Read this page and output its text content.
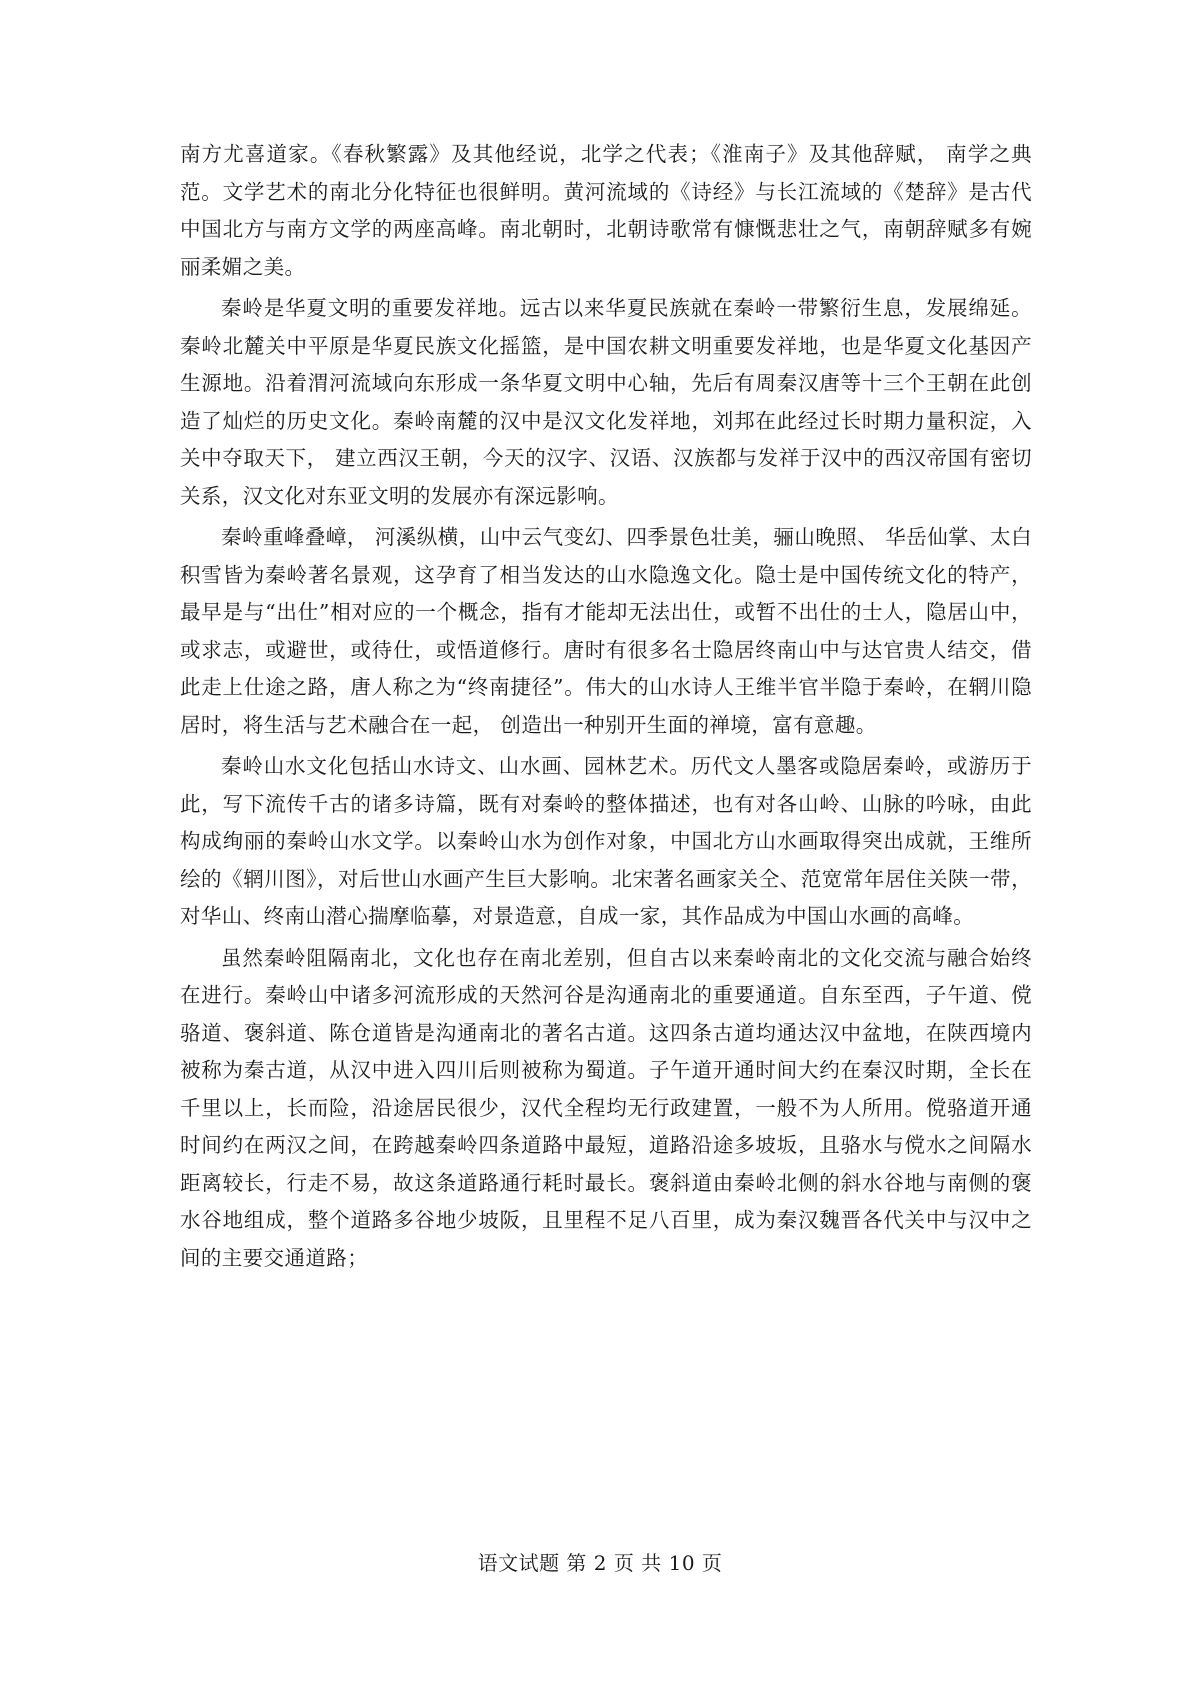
南方尤喜道家。《春秋繁露》及其他经说，北学之代表；《淮南子》及其他辞赋， 南学之典范。文学艺术的南北分化特征也很鲜明。黄河流域的《诗经》与长江流域的《楚辞》是古代中国北方与南方文学的两座高峰。南北朝时，北朝诗歌常有慷慨悲壮之气，南朝辞赋多有婉丽柔媚之美。

秦岭是华夏文明的重要发祥地。远古以来华夏民族就在秦岭一带繁衍生息，发展绵延。秦岭北麓关中平原是华夏民族文化摇篮，是中国农耕文明重要发祥地，也是华夏文化基因产生源地。沿着渭河流域向东形成一条华夏文明中心轴，先后有周秦汉唐等十三个王朝在此创造了灿烂的历史文化。秦岭南麓的汉中是汉文化发祥地，刘邦在此经过长时期力量积淀，入关中夺取天下， 建立西汉王朝，今天的汉字、汉语、汉族都与发祥于汉中的西汉帝国有密切关系，汉文化对东亚文明的发展亦有深远影响。

秦岭重峰叠嶂， 河溪纵横，山中云气变幻、四季景色壮美，骊山晚照、 华岳仙掌、太白积雪皆为秦岭著名景观，这孕育了相当发达的山水隐逸文化。隐士是中国传统文化的特产，最早是与“出仕”相对应的一个概念，指有才能却无法出仕，或暂不出仕的士人，隐居山中，或求志，或避世，或待仕，或悟道修行。唐时有很多名士隐居终南山中与达官贵人结交，借此走上仕途之路，唐人称之为“终南捷径”。伟大的山水诗人王维半官半隐于秦岭，在辋川隐居时，将生活与艺术融合在一起， 创造出一种别开生面的禅境，富有意趣。

秦岭山水文化包括山水诗文、山水画、园林艺术。历代文人墨客或隐居秦岭，或游历于此，写下流传千古的诸多诗篇，既有对秦岭的整体描述，也有对各山岭、山脉的吟咏，由此构成绚丽的秦岭山水文学。以秦岭山水为创作对象，中国北方山水画取得突出成就，王维所绘的《辋川图》，对后世山水画产生巨大影响。北宋著名画家关仝、范宽常年居住关陕一带，对华山、终南山潜心揣摩临摹，对景造意，自成一家，其作品成为中国山水画的高峰。

虽然秦岭阻隔南北，文化也存在南北差别，但自古以来秦岭南北的文化交流与融合始终在进行。秦岭山中诸多河流形成的天然河谷是沟通南北的重要通道。自东至西，子午道、傥骆道、褒斜道、陈仓道皆是沟通南北的著名古道。这四条古道均通达汉中盆地，在陕西境内被称为秦古道，从汉中进入四川后则被称为蜀道。子午道开通时间大约在秦汉时期，全长在千里以上，长而险，沿途居民很少，汉代全程均无行政建置，一般不为人所用。傥骆道开通时间约在两汉之间，在跨越秦岭四条道路中最短，道路沿途多坡坂，且骆水与傥水之间隔水距离较长，行走不易，故这条道路通行耗时最长。褒斜道由秦岭北侧的斜水谷地与南侧的褒水谷地组成，整个道路多谷地少坡阪，且里程不足八百里，成为秦汉魏晋各代关中与汉中之间的主要交通道路；

语文试题 第 2 页 共 10 页
